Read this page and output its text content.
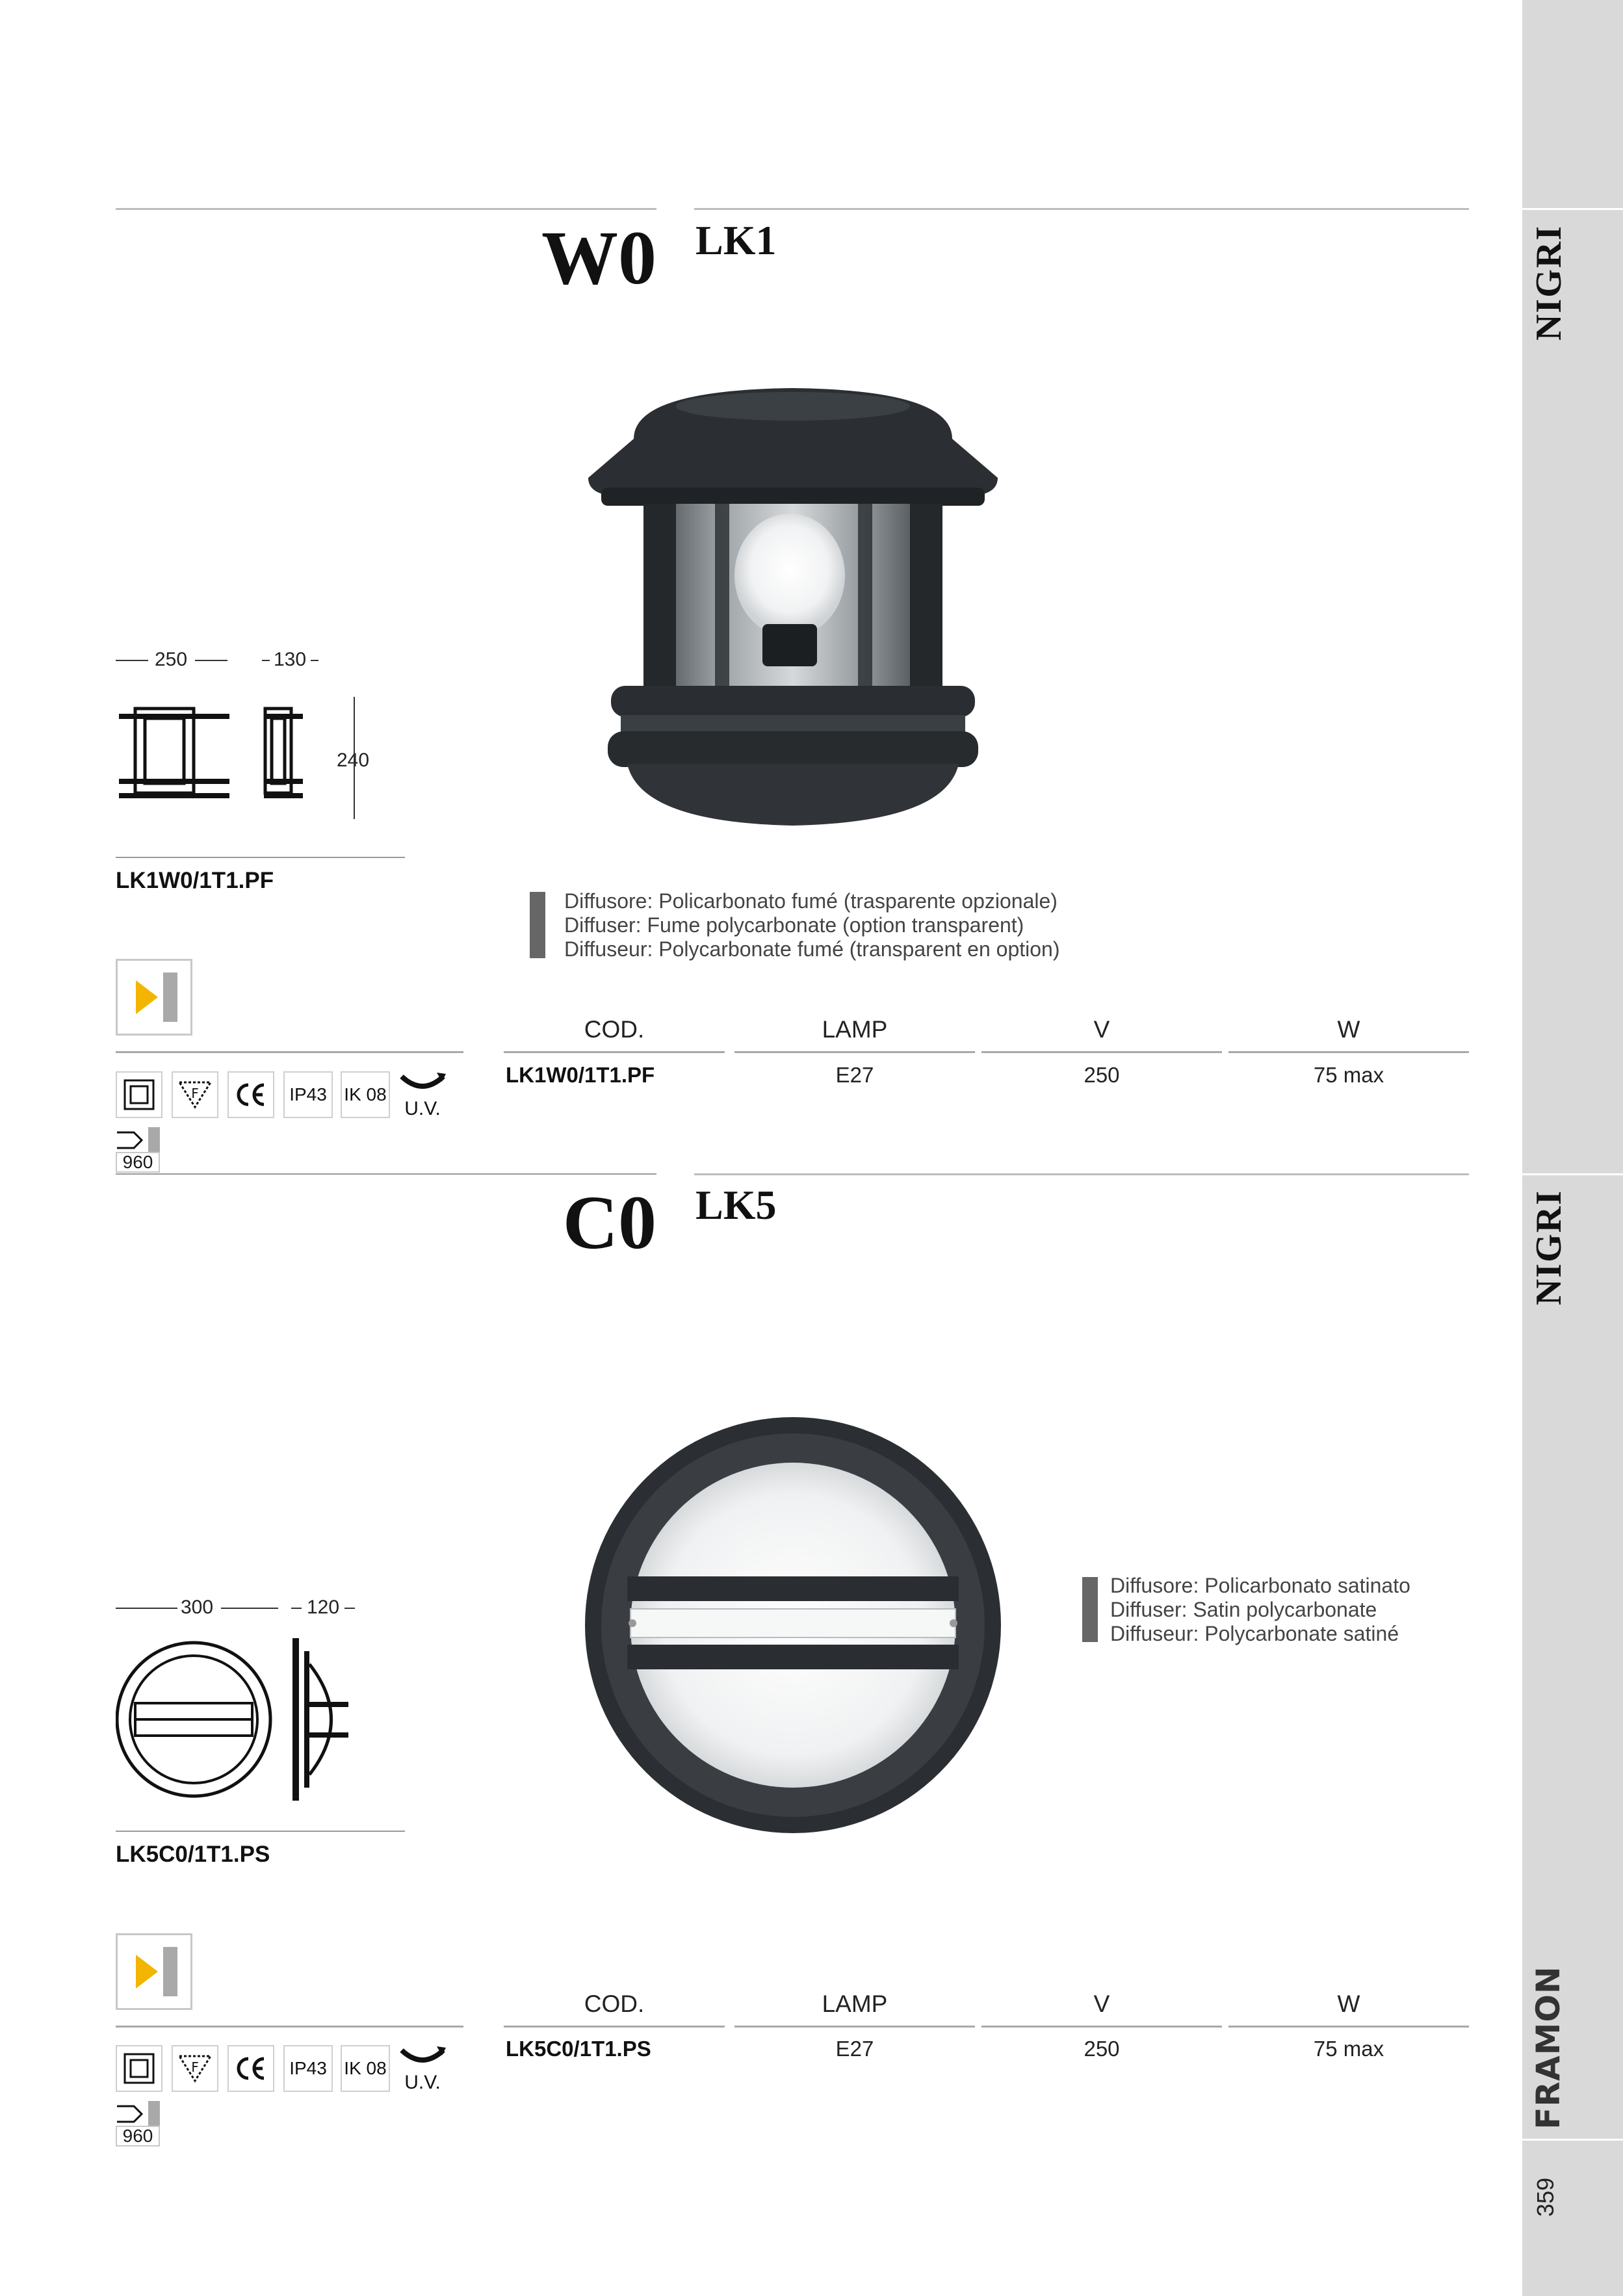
NIGRI
NIGRI
FRAMON
359
W0 LK1
250	130
240
LK1W0/1T1.PF
Diffusore: Policarbonato fumé (trasparente opzionale)
Diffuser: Fume polycarbonate (option transparent)
Diffuseur: Polycarbonate fumé (transparent en option)
COD.	LAMP	V	W
LK1W0/1T1.PF	E27	250	75 max
F	IP43 IK 08
U.V.
960
C0 LK5
300	120
LK5C0/1T1.PS
Diffusore: Policarbonato satinato
Diffuser: Satin polycarbonate
Diffuseur: Polycarbonate satiné
COD.	LAMP	V	W
LK5C0/1T1.PS	E27	250	75 max
F	IP43 IK 08
U.V.
960
